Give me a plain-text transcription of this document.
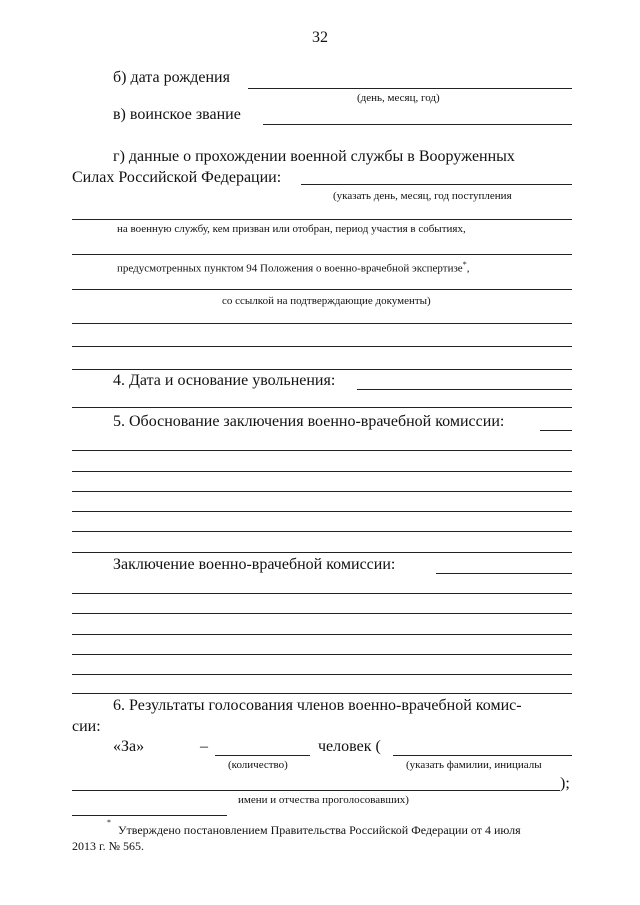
32
б) дата рождения
(день, месяц, год)
в) воинское звание
г) данные о прохождении военной службы в Вооруженных
Силах Российской Федерации:
(указать день, месяц, год поступления
на военную службу, кем призван или отобран, период участия в событиях,
предусмотренных пунктом 94 Положения о военно-врачебной экспертизе*,
со ссылкой на подтверждающие документы)
4. Дата и основание увольнения:
5. Обоснование заключения военно-врачебной комиссии:
Заключение военно-врачебной комиссии:
6. Результаты голосования членов военно-врачебной комис-
сии:
«За»	–	человек (
(количество)	(указать фамилии, инициалы
);
имени и отчества проголосовавших)
*
Утверждено постановлением Правительства Российской Федерации от 4 июля
2013 г. № 565.
